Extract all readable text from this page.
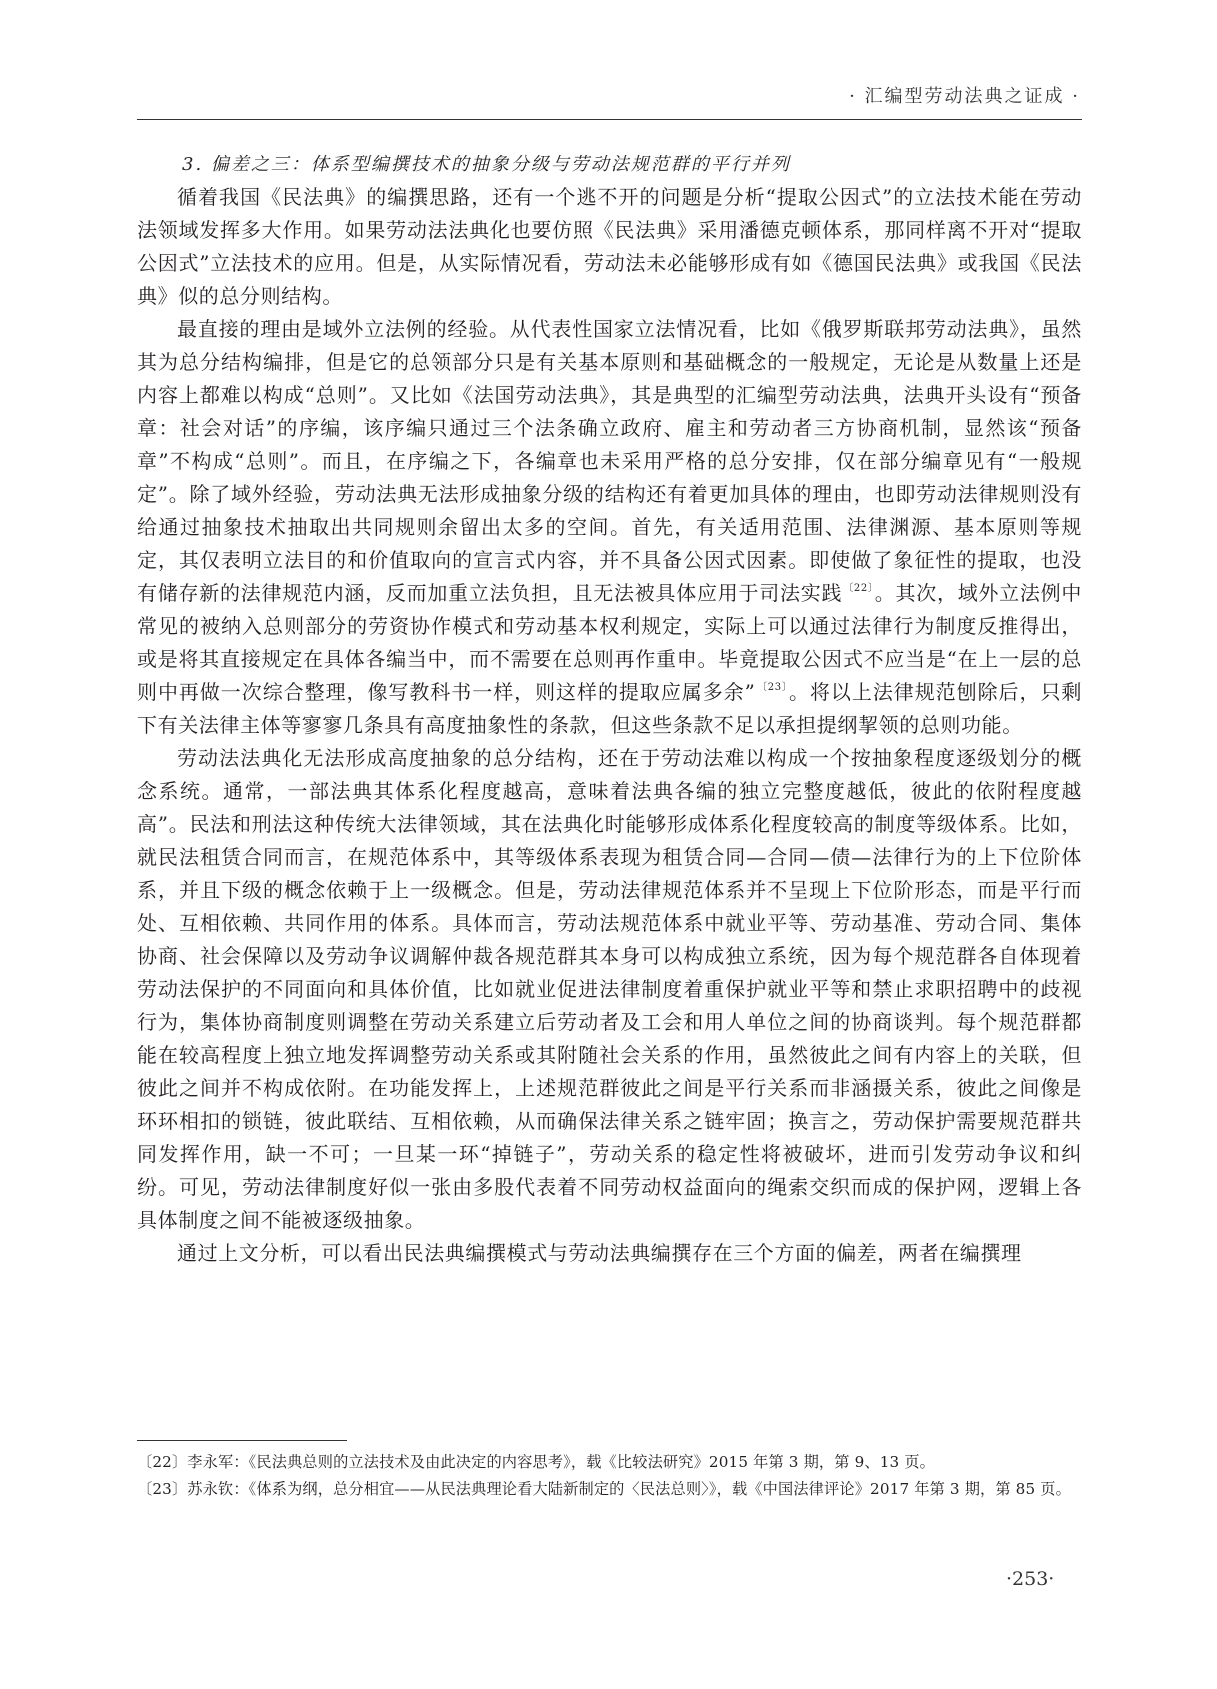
· 汇编型劳动法典之证成 ·
3. 偏差之三：体系型编撰技术的抽象分级与劳动法规范群的平行并列

循着我国《民法典》的编撰思路，还有一个逃不开的问题是分析“提取公因式”的立法技术能在劳动法领域发挥多大作用。如果劳动法法典化也要仿照《民法典》采用潘德克顿体系，那同样离不开对“提取公因式”立法技术的应用。但是，从实际情况看，劳动法未必能够形成有如《德国民法典》或我国《民法典》似的总分则结构。

最直接的理由是域外立法例的经验。从代表性国家立法情况看，比如《俄罗斯联邦劳动法典》，虽然其为总分结构编排，但是它的总领部分只是有关基本原则和基础概念的一般规定，无论是从数量上还是内容上都难以构成“总则”。又比如《法国劳动法典》，其是典型的汇编型劳动法典，法典开头设有“预备章：社会对话”的序编，该序编只通过三个法条确立政府、雇主和劳动者三方协商机制，显然该“预备章”不构成“总则”。而且，在序编之下，各编章也未采用严格的总分安排，仅在部分编章见有“一般规定”。除了域外经验，劳动法典无法形成抽象分级的结构还有着更加具体的理由，也即劳动法律规则没有给通过抽象技术抽取出共同规则余留出太多的空间。首先，有关适用范围、法律渊源、基本原则等规定，其仅表明立法目的和价值取向的宣言式内容，并不具备公因式因素。即使做了象征性的提取，也没有储存新的法律规范内涵，反而加重立法负担，且无法被具体应用于司法实践$^{〔22〕}$。其次，域外立法例中常见的被纳入总则部分的劳资协作模式和劳动基本权利规定，实际上可以通过法律行为制度反推得出，或是将其直接规定在具体各编当中，而不需要在总则再作重申。毕竟提取公因式不应当是“在上一层的总则中再做一次综合整理，像写教科书一样，则这样的提取应属多余”$^{〔23〕}$。将以上法律规范刨除后，只剩下有关法律主体等寥寥几条具有高度抽象性的条款，但这些条款不足以承担提纲挈领的总则功能。

劳动法法典化无法形成高度抽象的总分结构，还在于劳动法难以构成一个按抽象程度逐级划分的概念系统。通常，一部法典其体系化程度越高，意味着法典各编的独立完整度越低，彼此的依附程度越高”。民法和刑法这种传统大法律领域，其在法典化时能够形成体系化程度较高的制度等级体系。比如，就民法租赁合同而言，在规范体系中，其等级体系表现为租赁合同—合同—债—法律行为的上下位阶体系，并且下级的概念依赖于上一级概念。但是，劳动法律规范体系并不呈现上下位阶形态，而是平行而处、互相依赖、共同作用的体系。具体而言，劳动法规范体系中就业平等、劳动基准、劳动合同、集体协商、社会保障以及劳动争议调解仲裁各规范群其本身可以构成独立系统，因为每个规范群各自体现着劳动法保护的不同面向和具体价值，比如就业促进法律制度着重保护就业平等和禁止求职招聘中的歧视行为，集体协商制度则调整在劳动关系建立后劳动者及工会和用人单位之间的协商谈判。每个规范群都能在较高程度上独立地发挥调整劳动关系或其附随社会关系的作用，虽然彼此之间有内容上的关联，但彼此之间并不构成依附。在功能发挥上，上述规范群彼此之间是平行关系而非涵摄关系，彼此之间像是环环相扣的锁链，彼此联结、互相依赖，从而确保法律关系之链牢固；换言之，劳动保护需要规范群共同发挥作用，缺一不可；一旦某一环“掉链子”，劳动关系的稳定性将被破坏，进而引发劳动争议和纠纷。可见，劳动法律制度好似一张由多股代表着不同劳动权益面向的绳索交织而成的保护网，逻辑上各具体制度之间不能被逐级抽象。

通过上文分析，可以看出民法典编撰模式与劳动法典编撰存在三个方面的偏差，两者在编撰理

〔22〕李永军：《民法典总则的立法技术及由此决定的内容思考》，载《比较法研究》2015 年第 3 期，第 9、13 页。

〔23〕苏永钦：《体系为纲，总分相宜——从民法典理论看大陆新制定的〈民法总则〉》，载《中国法律评论》2017 年第 3 期，第 85 页。

·253·
